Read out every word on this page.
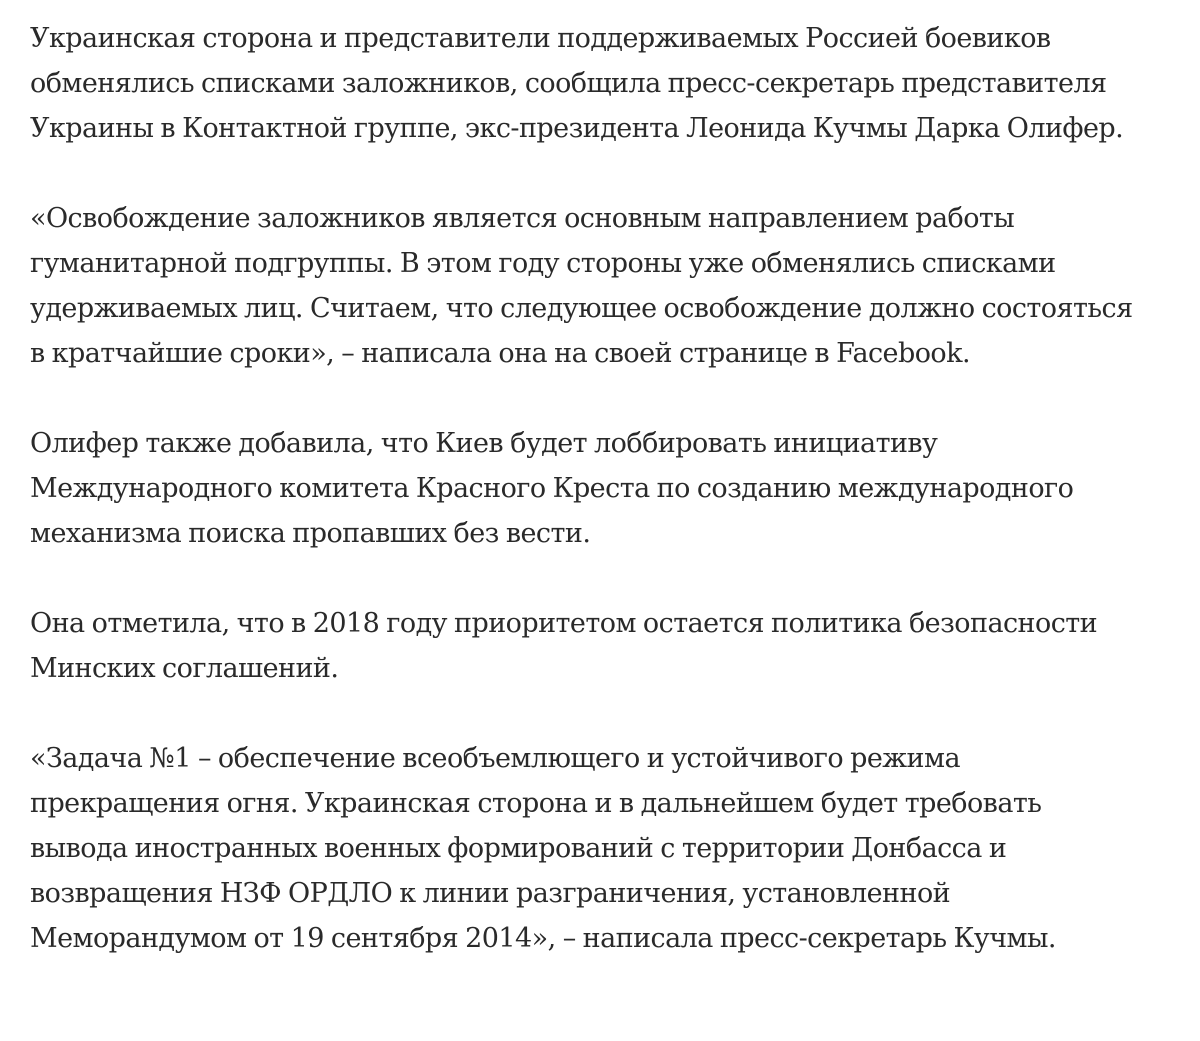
Украинская сторона и представители поддерживаемых Россией боевиков
обменялись списками заложников, сообщила пресс-секретарь представителя
Украины в Контактной группе, экс-президента Леонида Кучмы Дарка Олифер.

«Освобождение заложников является основным направлением работы
гуманитарной подгруппы. В этом году стороны уже обменялись списками
удерживаемых лиц. Считаем, что следующее освобождение должно состояться
в кратчайшие сроки», – написала она на своей странице в Facebook.

Олифер также добавила, что Киев будет лоббировать инициативу
Международного комитета Красного Креста по созданию международного
механизма поиска пропавших без вести.

Она отметила, что в 2018 году приоритетом остается политика безопасности
Минских соглашений.

«Задача №1 – обеспечение всеобъемлющего и устойчивого режима
прекращения огня. Украинская сторона и в дальнейшем будет требовать
вывода иностранных военных формирований с территории Донбасса и
возвращения НЗФ ОРДЛО к линии разграничения, установленной
Меморандумом от 19 сентября 2014», – написала пресс-секретарь Кучмы.
